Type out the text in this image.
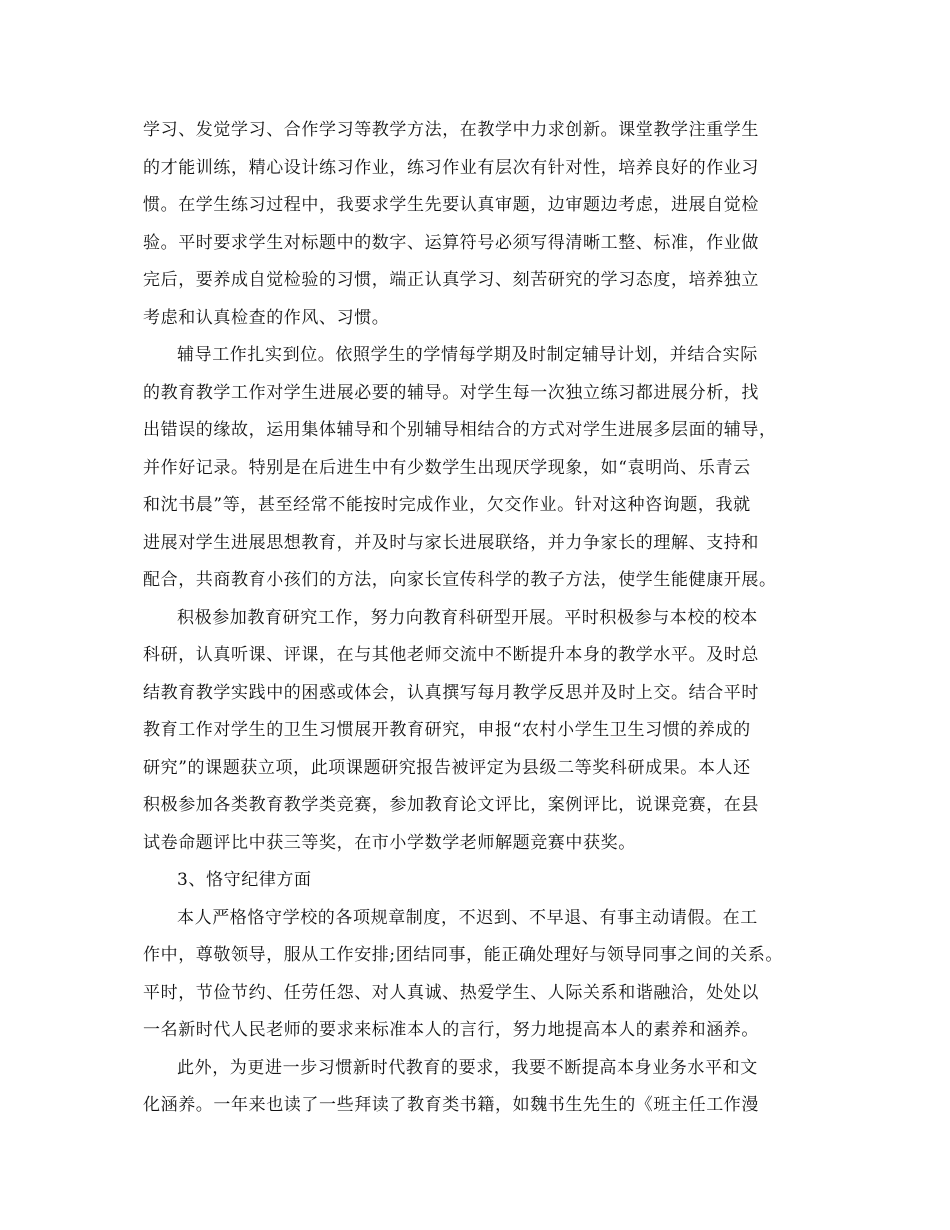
学习、发觉学习、合作学习等教学方法，在教学中力求创新。课堂教学注重学生

的才能训练，精心设计练习作业，练习作业有层次有针对性，培养良好的作业习

惯。在学生练习过程中，我要求学生先要认真审题，边审题边考虑，进展自觉检

验。平时要求学生对标题中的数字、运算符号必须写得清晰工整、标准，作业做

完后，要养成自觉检验的习惯，端正认真学习、刻苦研究的学习态度，培养独立

考虑和认真检查的作风、习惯。

辅导工作扎实到位。依照学生的学情每学期及时制定辅导计划，并结合实际

的教育教学工作对学生进展必要的辅导。对学生每一次独立练习都进展分析，找

出错误的缘故，运用集体辅导和个别辅导相结合的方式对学生进展多层面的辅导，

并作好记录。特别是在后进生中有少数学生出现厌学现象，如“袁明尚、乐青云

和沈书晨”等，甚至经常不能按时完成作业，欠交作业。针对这种咨询题，我就

进展对学生进展思想教育，并及时与家长进展联络，并力争家长的理解、支持和

配合，共商教育小孩们的方法，向家长宣传科学的教子方法，使学生能健康开展。

积极参加教育研究工作，努力向教育科研型开展。平时积极参与本校的校本

科研，认真听课、评课，在与其他老师交流中不断提升本身的教学水平。及时总

结教育教学实践中的困惑或体会，认真撰写每月教学反思并及时上交。结合平时

教育工作对学生的卫生习惯展开教育研究，申报“农村小学生卫生习惯的养成的

研究”的课题获立项，此项课题研究报告被评定为县级二等奖科研成果。本人还

积极参加各类教育教学类竞赛，参加教育论文评比，案例评比，说课竞赛，在县

试卷命题评比中获三等奖，在市小学数学老师解题竞赛中获奖。

3、恪守纪律方面

本人严格恪守学校的各项规章制度，不迟到、不早退、有事主动请假。在工

作中，尊敬领导，服从工作安排;团结同事，能正确处理好与领导同事之间的关系。

平时，节俭节约、任劳任怨、对人真诚、热爱学生、人际关系和谐融洽，处处以

一名新时代人民老师的要求来标准本人的言行，努力地提高本人的素养和涵养。

此外，为更进一步习惯新时代教育的要求，我要不断提高本身业务水平和文

化涵养。一年来也读了一些拜读了教育类书籍，如魏书生先生的《班主任工作漫
